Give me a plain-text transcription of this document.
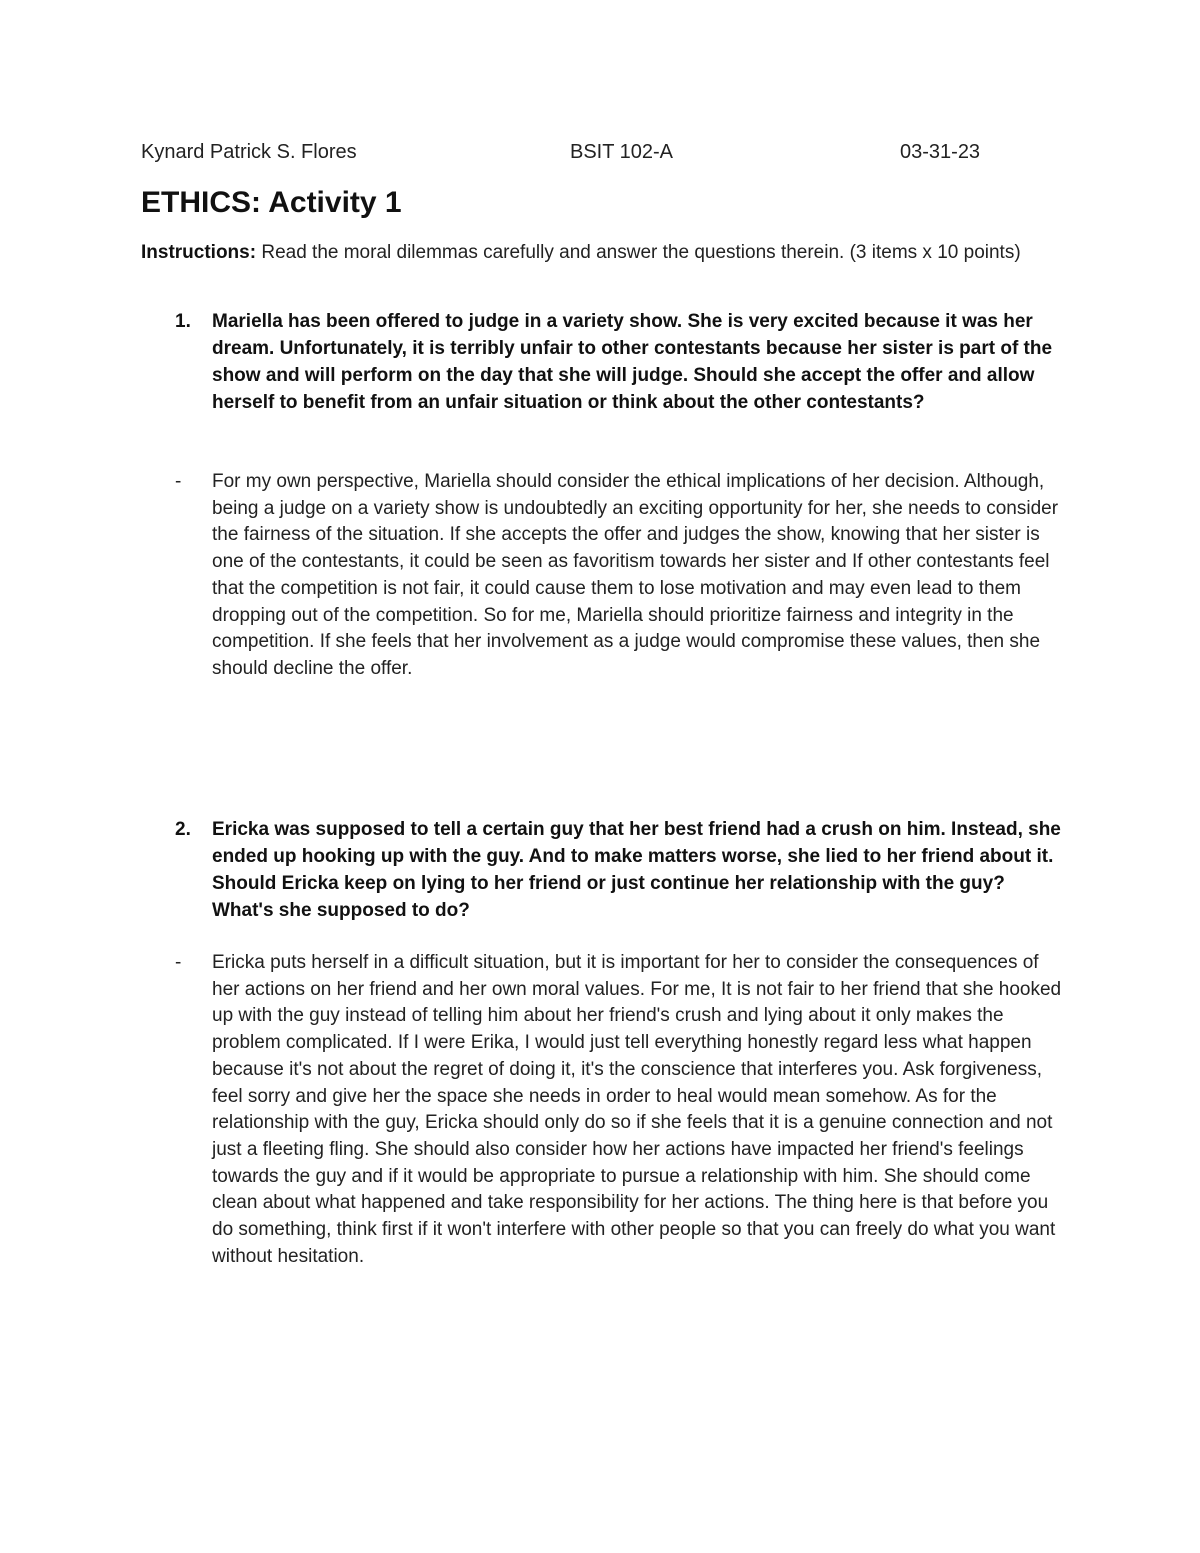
Kynard Patrick S. Flores	BSIT 102-A	03-31-23
ETHICS: Activity 1
Instructions: Read the moral dilemmas carefully and answer the questions therein. (3 items x 10 points)
1. Mariella has been offered to judge in a variety show. She is very excited because it was her dream. Unfortunately, it is terribly unfair to other contestants because her sister is part of the show and will perform on the day that she will judge. Should she accept the offer and allow herself to benefit from an unfair situation or think about the other contestants?
- For my own perspective, Mariella should consider the ethical implications of her decision. Although, being a judge on a variety show is undoubtedly an exciting opportunity for her, she needs to consider the fairness of the situation. If she accepts the offer and judges the show, knowing that her sister is one of the contestants, it could be seen as favoritism towards her sister and If other contestants feel that the competition is not fair, it could cause them to lose motivation and may even lead to them dropping out of the competition. So for me, Mariella should prioritize fairness and integrity in the competition. If she feels that her involvement as a judge would compromise these values, then she should decline the offer.
2. Ericka was supposed to tell a certain guy that her best friend had a crush on him. Instead, she ended up hooking up with the guy. And to make matters worse, she lied to her friend about it. Should Ericka keep on lying to her friend or just continue her relationship with the guy? What's she supposed to do?
- Ericka puts herself in a difficult situation, but it is important for her to consider the consequences of her actions on her friend and her own moral values. For me, It is not fair to her friend that she hooked up with the guy instead of telling him about her friend's crush and lying about it only makes the problem complicated. If I were Erika, I would just tell everything honestly regard less what happen because it's not about the regret of doing it, it's the conscience that interferes you. Ask forgiveness, feel sorry and give her the space she needs in order to heal would mean somehow. As for the relationship with the guy, Ericka should only do so if she feels that it is a genuine connection and not just a fleeting fling. She should also consider how her actions have impacted her friend's feelings towards the guy and if it would be appropriate to pursue a relationship with him. She should come clean about what happened and take responsibility for her actions. The thing here is that before you do something, think first if it won't interfere with other people so that you can freely do what you want without hesitation.
